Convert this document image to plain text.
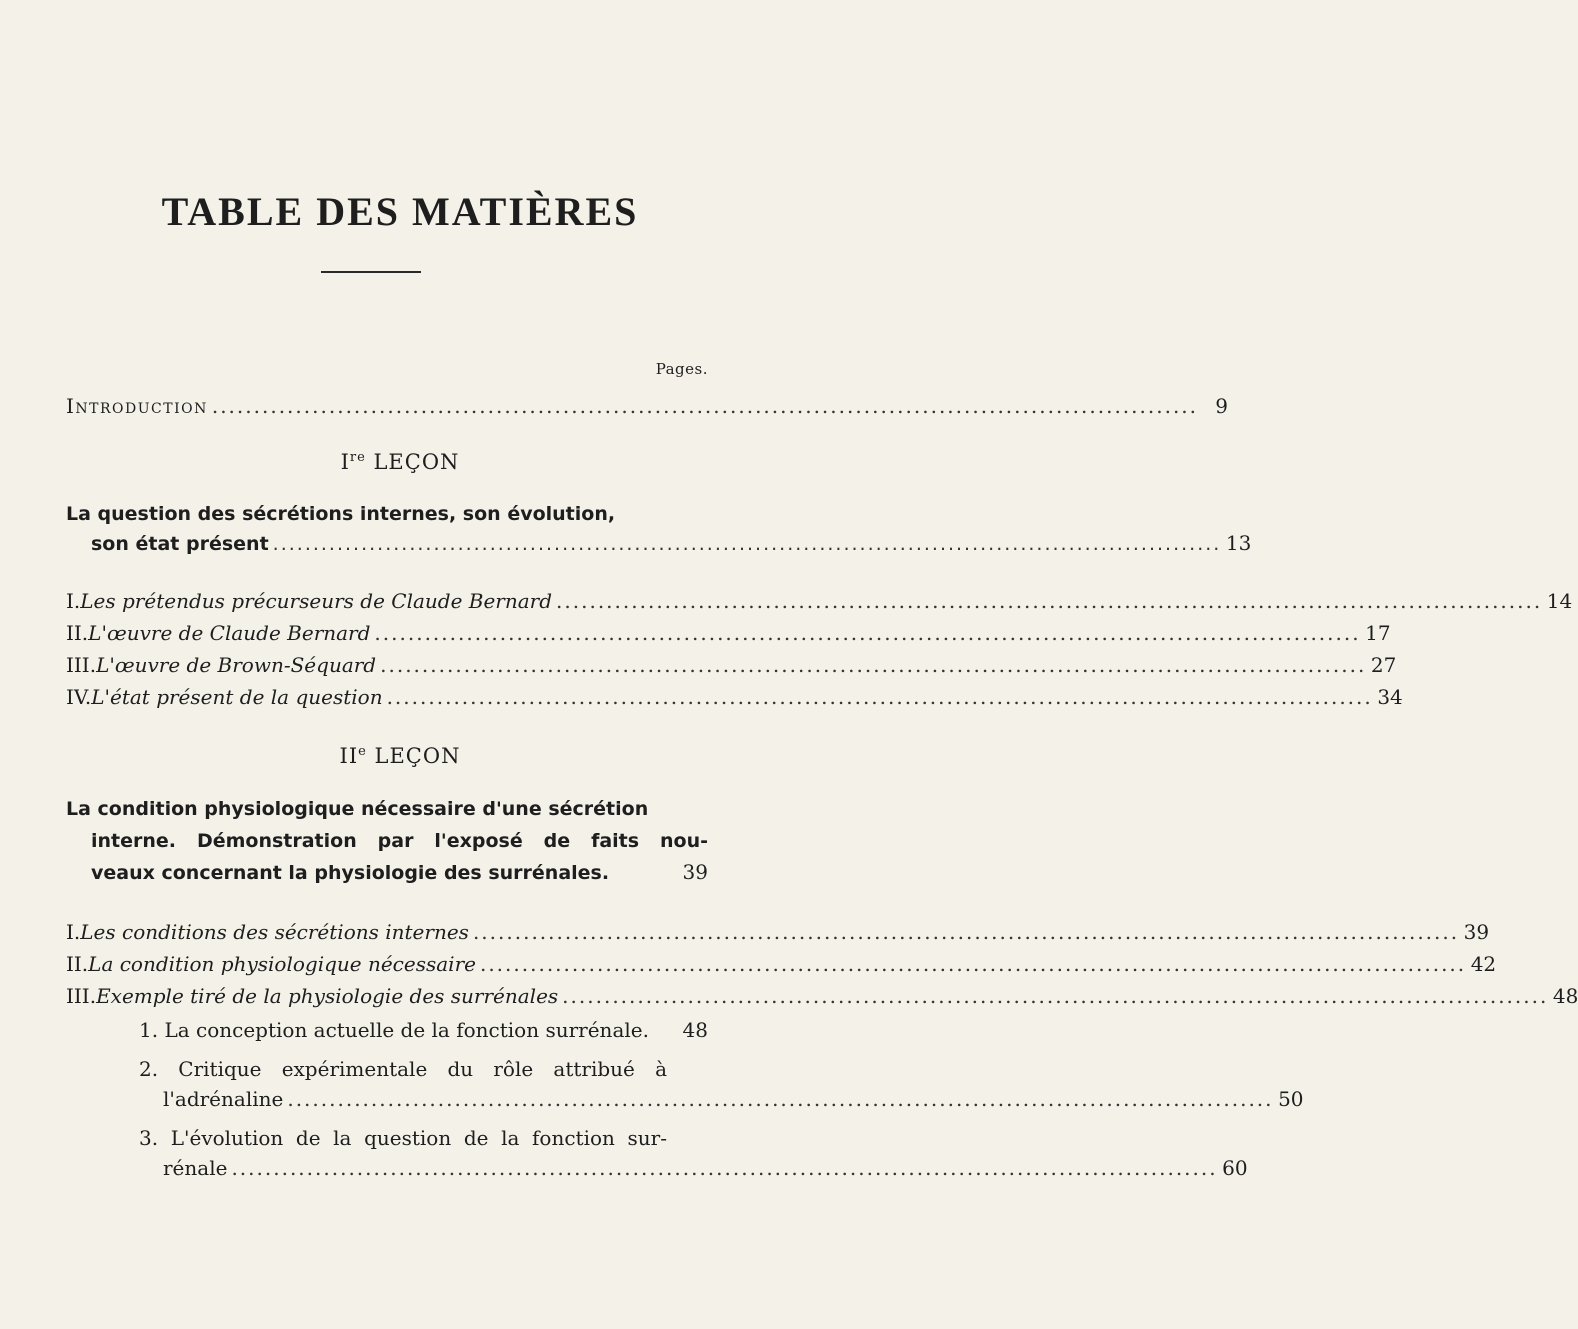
TABLE DES MATIÈRES
Pages.
Introduction ...................................................................................................................... 9
Ire LEÇON
La question des sécrétions internes, son évolution,
son état présent ...................................................................................................................... 13
I. Les prétendus précurseurs de Claude Bernard ...................................................................................................................... 14
II. L'œuvre de Claude Bernard ...................................................................................................................... 17
III. L'œuvre de Brown-Séquard ...................................................................................................................... 27
IV. L'état présent de la question ...................................................................................................................... 34
IIe LEÇON
La condition physiologique nécessaire d'une sécrétion
interne. Démonstration par l'exposé de faits nou-
veaux concernant la physiologie des surrénales.	39
I. Les conditions des sécrétions internes ...................................................................................................................... 39
II. La condition physiologique nécessaire ...................................................................................................................... 42
III. Exemple tiré de la physiologie des surrénales ...................................................................................................................... 48
1. La conception actuelle de la fonction surrénale. 48
2. Critique expérimentale du rôle attribué à
l'adrénaline ...................................................................................................................... 50
3. L'évolution de la question de la fonction sur-
rénale ...................................................................................................................... 60
